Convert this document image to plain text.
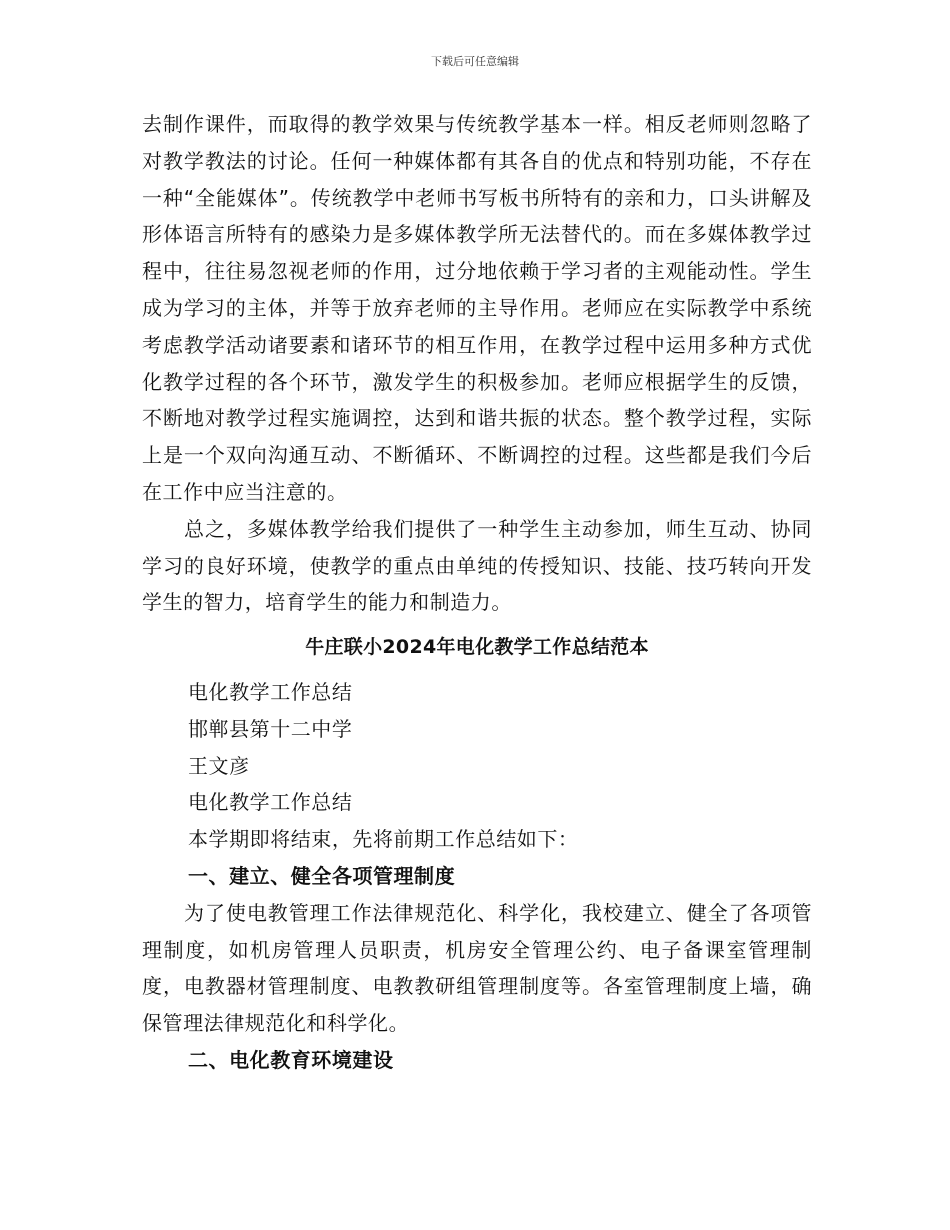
下载后可任意编辑

去制作课件，而取得的教学效果与传统教学基本一样。相反老师则忽略了对教学教法的讨论。任何一种媒体都有其各自的优点和特别功能，不存在一种“全能媒体”。传统教学中老师书写板书所特有的亲和力，口头讲解及形体语言所特有的感染力是多媒体教学所无法替代的。而在多媒体教学过程中，往往易忽视老师的作用，过分地依赖于学习者的主观能动性。学生成为学习的主体，并等于放弃老师的主导作用。老师应在实际教学中系统考虑教学活动诸要素和诸环节的相互作用，在教学过程中运用多种方式优化教学过程的各个环节，激发学生的积极参加。老师应根据学生的反馈，不断地对教学过程实施调控，达到和谐共振的状态。整个教学过程，实际上是一个双向沟通互动、不断循环、不断调控的过程。这些都是我们今后在工作中应当注意的。

总之，多媒体教学给我们提供了一种学生主动参加，师生互动、协同学习的良好环境，使教学的重点由单纯的传授知识、技能、技巧转向开发学生的智力，培育学生的能力和制造力。

牛庄联小2024年电化教学工作总结范本

电化教学工作总结

邯郸县第十二中学

王文彦

电化教学工作总结

本学期即将结束，先将前期工作总结如下：

一、建立、健全各项管理制度

为了使电教管理工作法律规范化、科学化，我校建立、健全了各项管理制度，如机房管理人员职责，机房安全管理公约、电子备课室管理制度，电教器材管理制度、电教教研组管理制度等。各室管理制度上墙，确保管理法律规范化和科学化。

二、电化教育环境建设
